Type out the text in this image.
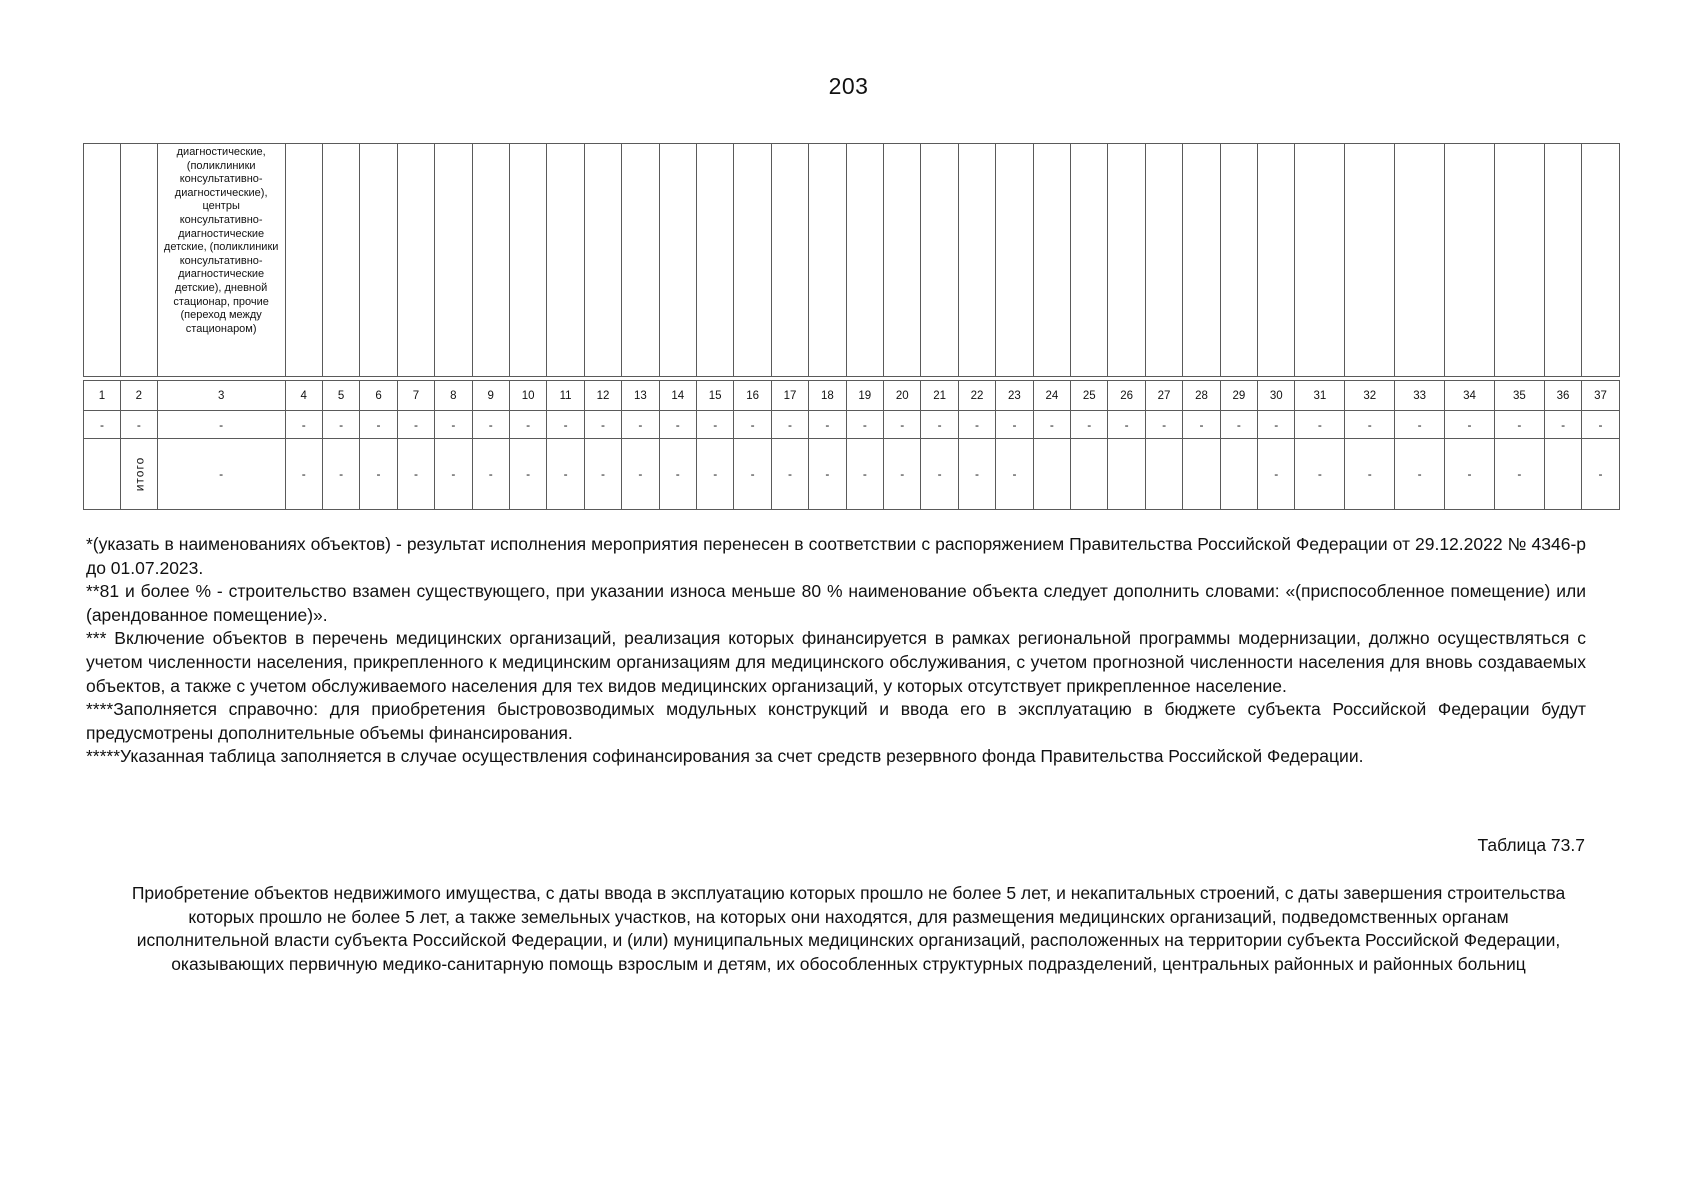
203
		диагностические, (поликлиники консультативно-диагностические), центры консультативно-диагностические детские, (поликлиники консультативно-диагностические детские), дневной стационар, прочие (переход между стационаром)																																		

1	2	3	4	5	6	7	8	9	10	11	12	13	14	15	16	17	18	19	20	21	22	23	24	25	26	27	28	29	30	31	32	33	34	35	36	37
-	-	-	-	-	-	-	-	-	-	-	-	-	-	-	-	-	-	-	-	-	-	-	-	-	-	-	-	-	-	-	-	-	-	-	-	-
	итого	-	-	-	-	-	-	-	-	-	-	-	-	-	-	-	-	-	-	-	-	-							-	-	-	-	-	-		-

*(указать в наименованиях объектов) - результат исполнения мероприятия перенесен в соответствии с распоряжением Правительства Российской Федерации от 29.12.2022 № 4346-р до 01.07.2023.

**81 и более % - строительство взамен существующего, при указании износа меньше 80 % наименование объекта следует дополнить словами: «(приспособленное помещение) или (арендованное помещение)».

*** Включение объектов в перечень медицинских организаций, реализация которых финансируется в рамках региональной программы модернизации, должно осуществляться с учетом численности населения, прикрепленного к медицинским организациям для медицинского обслуживания, с учетом прогнозной численности населения для вновь создаваемых объектов, а также с учетом обслуживаемого населения для тех видов медицинских организаций, у которых отсутствует прикрепленное население.

****Заполняется справочно: для приобретения быстровозводимых модульных конструкций и ввода его в эксплуатацию в бюджете субъекта Российской Федерации будут предусмотрены дополнительные объемы финансирования.

*****Указанная таблица заполняется в случае осуществления софинансирования за счет средств резервного фонда Правительства Российской Федерации.

Таблица 73.7
Приобретение объектов недвижимого имущества, с даты ввода в эксплуатацию которых прошло не более 5 лет, и некапитальных строений, с даты завершения строительства которых прошло не более 5 лет, а также земельных участков, на которых они находятся, для размещения медицинских организаций, подведомственных органам исполнительной власти субъекта Российской Федерации, и (или) муниципальных медицинских организаций, расположенных на территории субъекта Российской Федерации, оказывающих первичную медико-санитарную помощь взрослым и детям, их обособленных структурных подразделений, центральных районных и районных больниц
